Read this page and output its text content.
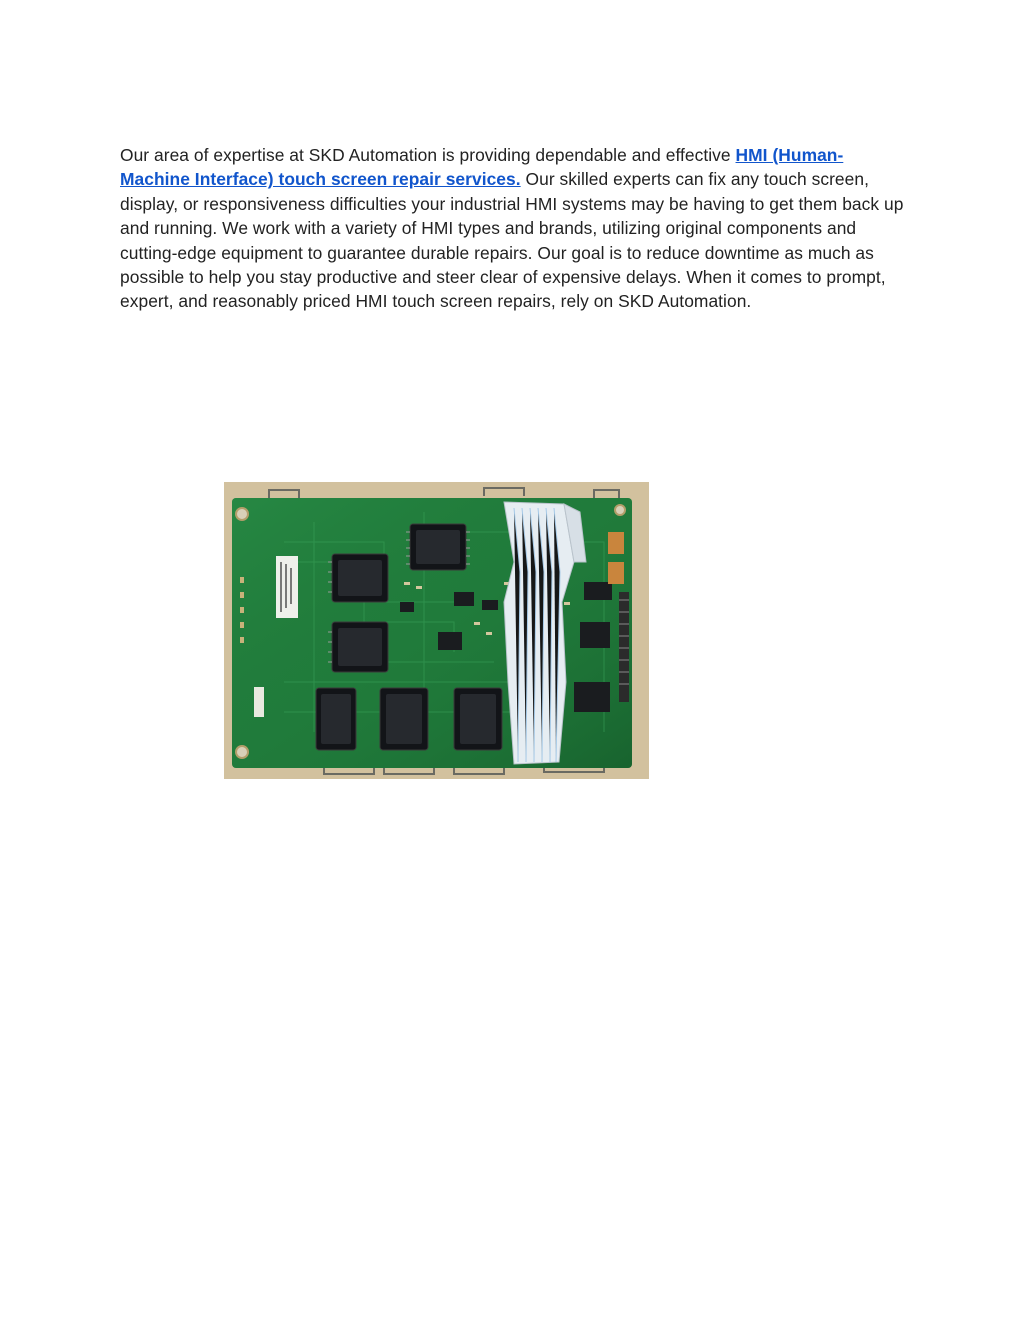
Our area of expertise at SKD Automation is providing dependable and effective HMI (Human-Machine Interface) touch screen repair services. Our skilled experts can fix any touch screen, display, or responsiveness difficulties your industrial HMI systems may be having to get them back up and running. We work with a variety of HMI types and brands, utilizing original components and cutting-edge equipment to guarantee durable repairs. Our goal is to reduce downtime as much as possible to help you stay productive and steer clear of expensive delays. When it comes to prompt, expert, and reasonably priced HMI touch screen repairs, rely on SKD Automation.
